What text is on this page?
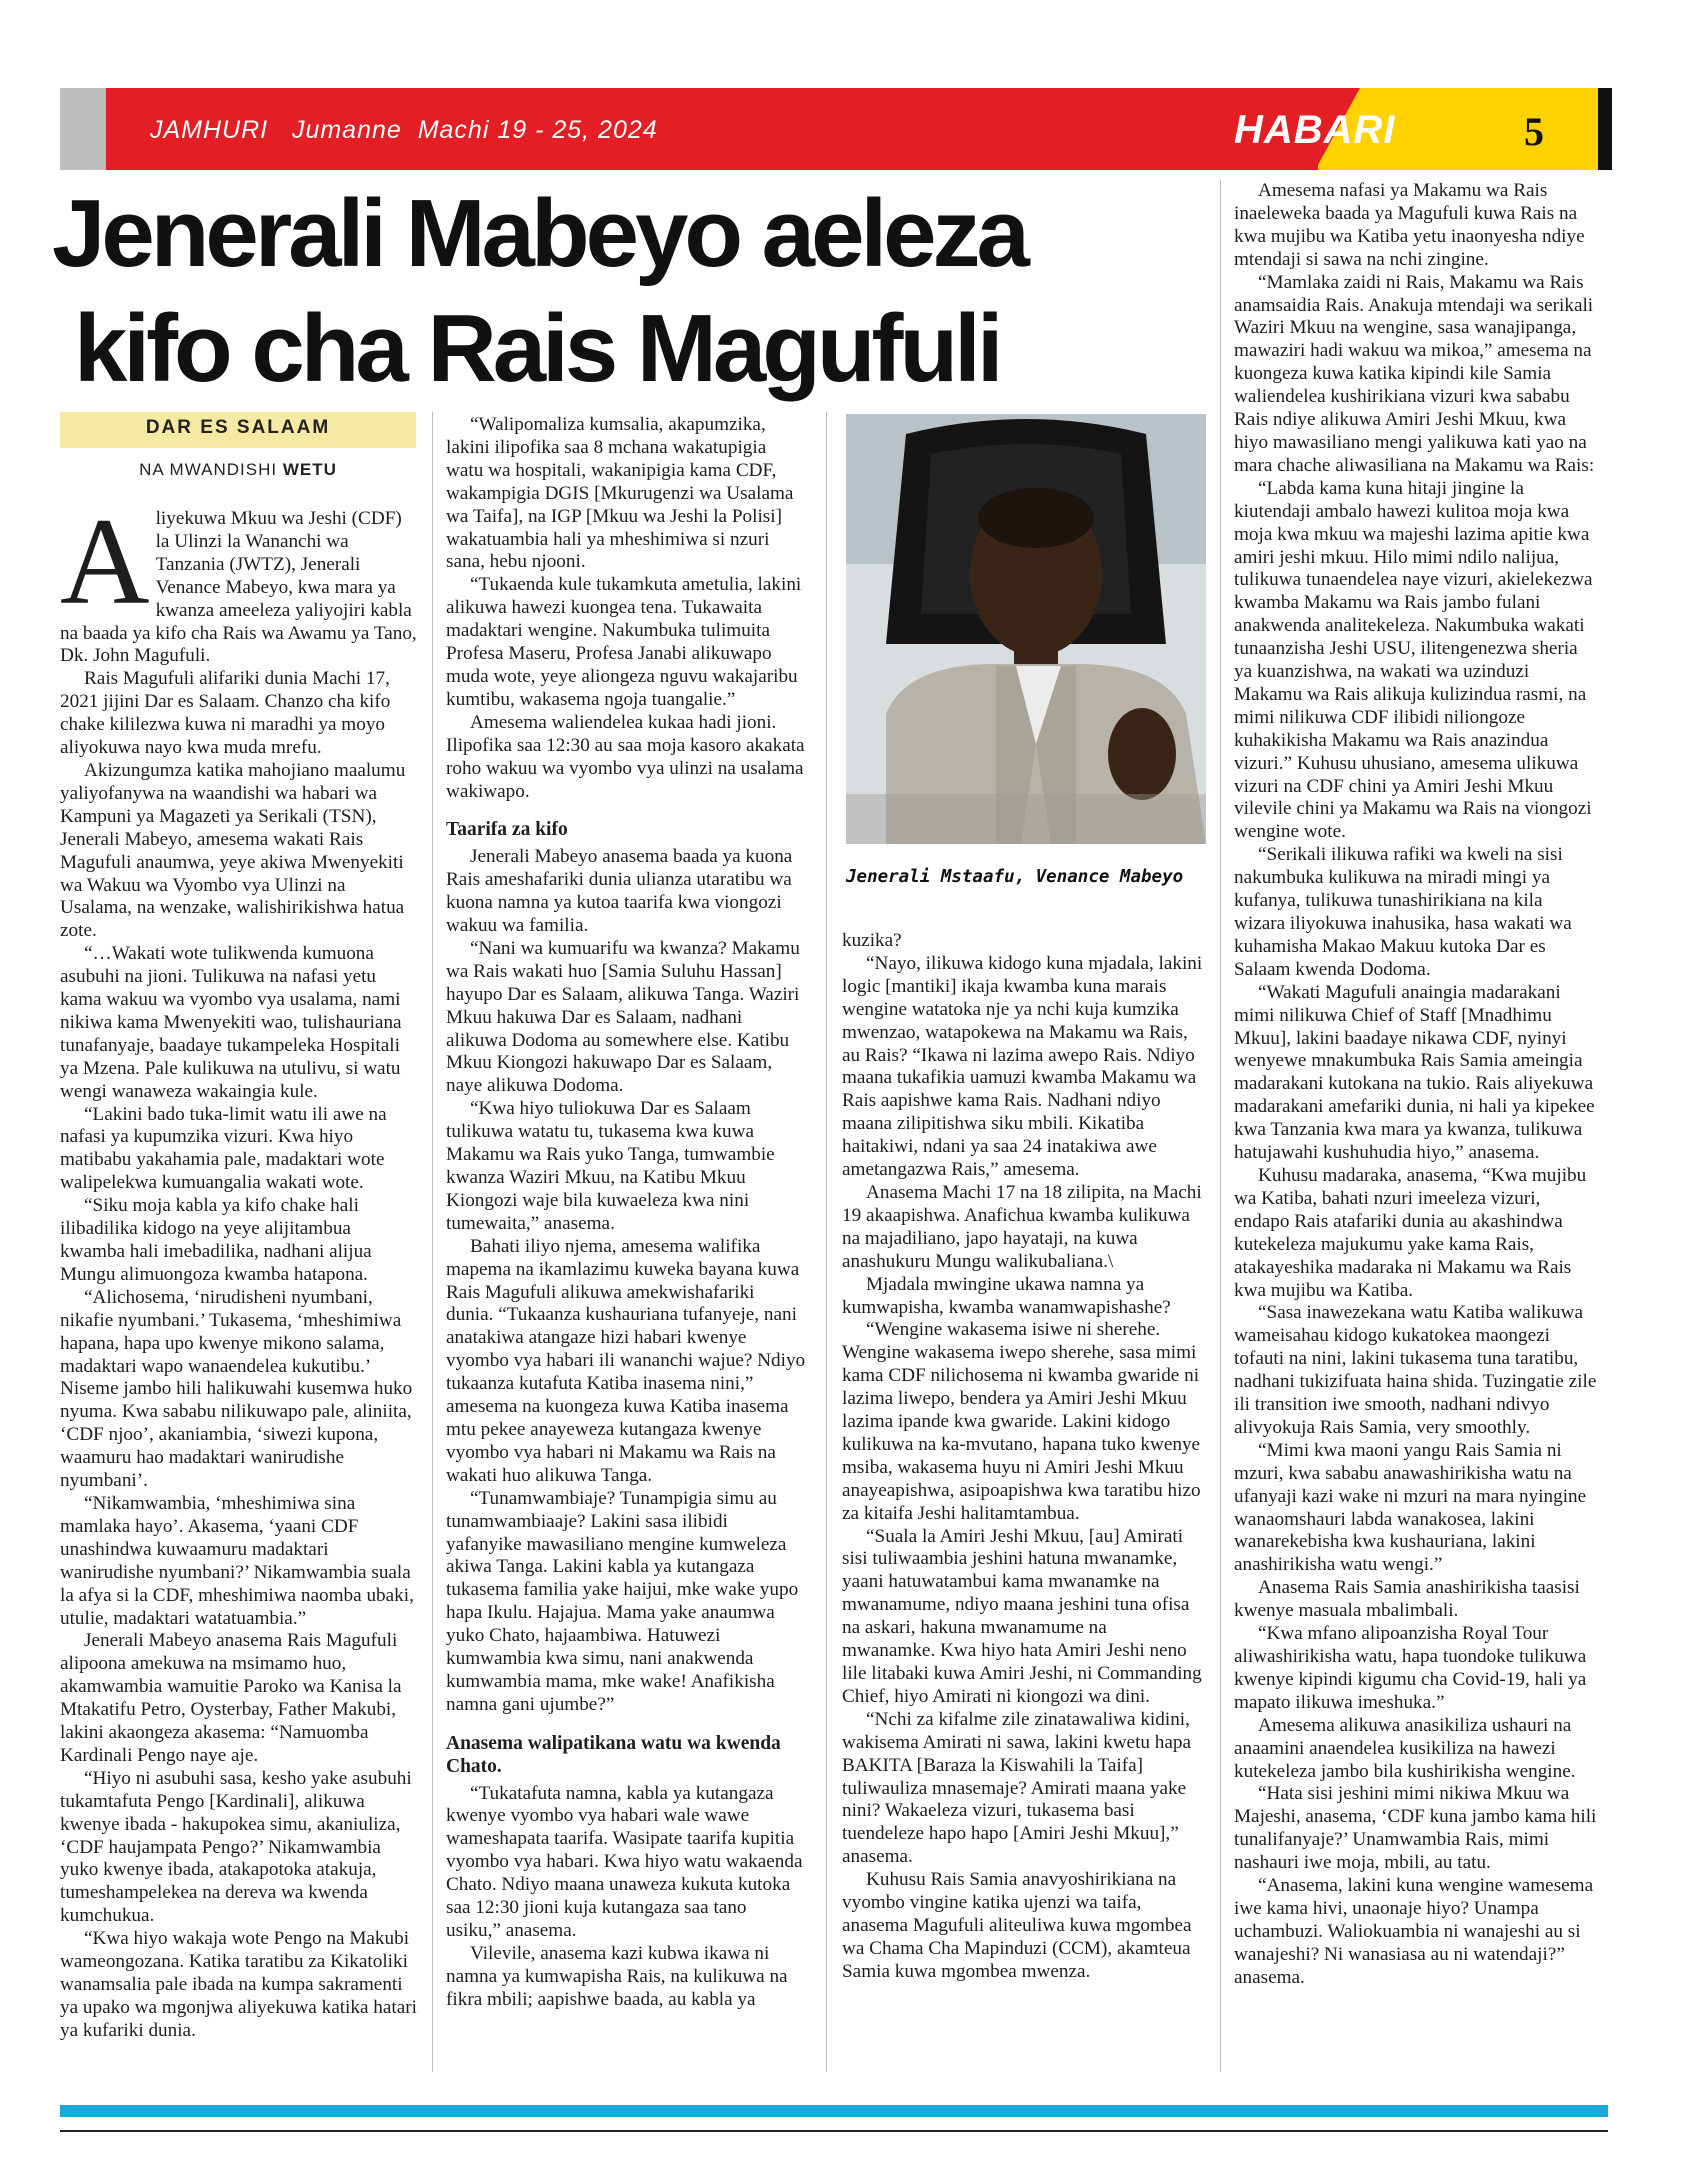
JAMHURI Jumanne  Machi 19 - 25, 2024	HABARI	5
Jenerali Mabeyo aeleza
kifo cha Rais Magufuli
DAR ES SALAAM
NA MWANDISHI WETU
A liyekuwa Mkuu wa Jeshi (CDF) la Ulinzi la Wananchi wa Tanzania (JWTZ), Jenerali Venance Mabeyo, kwa mara ya kwanza ameeleza yaliyojiri kabla na baada ya kifo cha Rais wa Awamu ya Tano, Dk. John Magufuli.

Rais Magufuli alifariki dunia Machi 17, 2021 jijini Dar es Salaam. Chanzo cha kifo chake kililezwa kuwa ni maradhi ya moyo aliyokuwa nayo kwa muda mrefu.

Akizungumza katika mahojiano maalumu yaliyofanywa na waandishi wa habari wa Kampuni ya Magazeti ya Serikali (TSN), Jenerali Mabeyo, amesema wakati Rais Magufuli anaumwa, yeye akiwa Mwenyekiti wa Wakuu wa Vyombo vya Ulinzi na Usalama, na wenzake, walishirikishwa hatua zote.

“…Wakati wote tulikwenda kumuona asubuhi na jioni. Tulikuwa na nafasi yetu kama wakuu wa vyombo vya usalama, nami nikiwa kama Mwenyekiti wao, tulishauriana tunafanyaje, baadaye tukampeleka Hospitali ya Mzena. Pale kulikuwa na utulivu, si watu wengi wanaweza wakaingia kule.

“Lakini bado tuka-limit watu ili awe na nafasi ya kupumzika vizuri. Kwa hiyo matibabu yakahamia pale, madaktari wote walipelekwa kumuangalia wakati wote.

“Siku moja kabla ya kifo chake hali ilibadilika kidogo na yeye alijitambua kwamba hali imebadilika, nadhani alijua Mungu alimuongoza kwamba hatapona.

“Alichosema, ‘nirudisheni nyumbani, nikafie nyumbani.’ Tukasema, ‘mheshimiwa hapana, hapa upo kwenye mikono salama, madaktari wapo wanaendelea kukutibu.’ Niseme jambo hili halikuwahi kusemwa huko nyuma. Kwa sababu nilikuwapo pale, aliniita, ‘CDF njoo’, akaniambia, ‘siwezi kupona, waamuru hao madaktari wanirudishe nyumbani’.

“Nikamwambia, ‘mheshimiwa sina mamlaka hayo’. Akasema, ‘yaani CDF unashindwa kuwaamuru madaktari wanirudishe nyumbani?’ Nikamwambia suala la afya si la CDF, mheshimiwa naomba ubaki, utulie, madaktari watatuambia.”

Jenerali Mabeyo anasema Rais Magufuli alipoona amekuwa na msimamo huo, akamwambia wamuitie Paroko wa Kanisa la Mtakatifu Petro, Oysterbay, Father Makubi, lakini akaongeza akasema: “Namuomba Kardinali Pengo naye aje.

“Hiyo ni asubuhi sasa, kesho yake asubuhi tukamtafuta Pengo [Kardinali], alikuwa kwenye ibada - hakupokea simu, akaniuliza, ‘CDF haujampata Pengo?’ Nikamwambia yuko kwenye ibada, atakapotoka atakuja, tumeshampelekea na dereva wa kwenda kumchukua.

“Kwa hiyo wakaja wote Pengo na Makubi wameongozana. Katika taratibu za Kikatoliki wanamsalia pale ibada na kumpa sakramenti ya upako wa mgonjwa aliyekuwa katika hatari ya kufariki dunia.

“Walipomaliza kumsalia, akapumzika, lakini ilipofika saa 8 mchana wakatupigia watu wa hospitali, wakanipigia kama CDF, wakampigia DGIS [Mkurugenzi wa Usalama wa Taifa], na IGP [Mkuu wa Jeshi la Polisi] wakatuambia hali ya mheshimiwa si nzuri sana, hebu njooni.

“Tukaenda kule tukamkuta ametulia, lakini alikuwa hawezi kuongea tena. Tukawaita madaktari wengine. Nakumbuka tulimuita Profesa Maseru, Profesa Janabi alikuwapo muda wote, yeye aliongeza nguvu wakajaribu kumtibu, wakasema ngoja tuangalie.”

Amesema waliendelea kukaa hadi jioni. Ilipofika saa 12:30 au saa moja kasoro akakata roho wakuu wa vyombo vya ulinzi na usalama wakiwapo.

Taarifa za kifo

Jenerali Mabeyo anasema baada ya kuona Rais ameshafariki dunia ulianza utaratibu wa kuona namna ya kutoa taarifa kwa viongozi wakuu wa familia.

“Nani wa kumuarifu wa kwanza? Makamu wa Rais wakati huo [Samia Suluhu Hassan] hayupo Dar es Salaam, alikuwa Tanga. Waziri Mkuu hakuwa Dar es Salaam, nadhani alikuwa Dodoma au somewhere else. Katibu Mkuu Kiongozi hakuwapo Dar es Salaam, naye alikuwa Dodoma.

“Kwa hiyo tuliokuwa Dar es Salaam tulikuwa watatu tu, tukasema kwa kuwa Makamu wa Rais yuko Tanga, tumwambie kwanza Waziri Mkuu, na Katibu Mkuu Kiongozi waje bila kuwaeleza kwa nini tumewaita,” anasema.

Bahati iliyo njema, amesema walifika mapema na ikamlazimu kuweka bayana kuwa Rais Magufuli alikuwa amekwishafariki dunia. “Tukaanza kushauriana tufanyeje, nani anatakiwa atangaze hizi habari kwenye vyombo vya habari ili wananchi wajue? Ndiyo tukaanza kutafuta Katiba inasema nini,” amesema na kuongeza kuwa Katiba inasema mtu pekee anayeweza kutangaza kwenye vyombo vya habari ni Makamu wa Rais na wakati huo alikuwa Tanga.

“Tunamwambiaje? Tunampigia simu au tunamwambiaaje? Lakini sasa ilibidi yafanyike mawasiliano mengine kumweleza akiwa Tanga. Lakini kabla ya kutangaza tukasema familia yake haijui, mke wake yupo hapa Ikulu. Hajajua. Mama yake anaumwa yuko Chato, hajaambiwa. Hatuwezi kumwambia kwa simu, nani anakwenda kumwambia mama, mke wake! Anafikisha namna gani ujumbe?”

Anasema walipatikana watu wa kwenda Chato.

“Tukatafuta namna, kabla ya kutangaza kwenye vyombo vya habari wale wawe wameshapata taarifa. Wasipate taarifa kupitia vyombo vya habari. Kwa hiyo watu wakaenda Chato. Ndiyo maana unaweza kukuta kutoka saa 12:30 jioni kuja kutangaza saa tano usiku,” anasema.

Vilevile, anasema kazi kubwa ikawa ni namna ya kumwapisha Rais, na kulikuwa na fikra mbili; aapishwe baada, au kabla ya

Jenerali Mstaafu, Venance Mabeyo

kuzika?

“Nayo, ilikuwa kidogo kuna mjadala, lakini logic [mantiki] ikaja kwamba kuna marais wengine watatoka nje ya nchi kuja kumzika mwenzao, watapokewa na Makamu wa Rais, au Rais? “Ikawa ni lazima awepo Rais. Ndiyo maana tukafikia uamuzi kwamba Makamu wa Rais aapishwe kama Rais. Nadhani ndiyo maana zilipitishwa siku mbili. Kikatiba haitakiwi, ndani ya saa 24 inatakiwa awe ametangazwa Rais,” amesema.

Anasema Machi 17 na 18 zilipita, na Machi 19 akaapishwa. Anafichua kwamba kulikuwa na majadiliano, japo hayataji, na kuwa anashukuru Mungu walikubaliana.\

Mjadala mwingine ukawa namna ya kumwapisha, kwamba wanamwapishashe?

“Wengine wakasema isiwe ni sherehe. Wengine wakasema iwepo sherehe, sasa mimi kama CDF nilichosema ni kwamba gwaride ni lazima liwepo, bendera ya Amiri Jeshi Mkuu lazima ipande kwa gwaride. Lakini kidogo kulikuwa na ka-mvutano, hapana tuko kwenye msiba, wakasema huyu ni Amiri Jeshi Mkuu anayeapishwa, asipoapishwa kwa taratibu hizo za kitaifa Jeshi halitamtambua.

“Suala la Amiri Jeshi Mkuu, [au] Amirati sisi tuliwaambia jeshini hatuna mwanamke, yaani hatuwatambui kama mwanamke na mwanamume, ndiyo maana jeshini tuna ofisa na askari, hakuna mwanamume na mwanamke. Kwa hiyo hata Amiri Jeshi neno lile litabaki kuwa Amiri Jeshi, ni Commanding Chief, hiyo Amirati ni kiongozi wa dini.

“Nchi za kifalme zile zinatawaliwa kidini, wakisema Amirati ni sawa, lakini kwetu hapa BAKITA [Baraza la Kiswahili la Taifa] tuliwauliza mnasemaje? Amirati maana yake nini? Wakaeleza vizuri, tukasema basi tuendeleze hapo hapo [Amiri Jeshi Mkuu],” anasema.

Kuhusu Rais Samia anavyoshirikiana na vyombo vingine katika ujenzi wa taifa, anasema Magufuli aliteuliwa kuwa mgombea wa Chama Cha Mapinduzi (CCM), akamteua Samia kuwa mgombea mwenza.

Amesema nafasi ya Makamu wa Rais inaeleweka baada ya Magufuli kuwa Rais na kwa mujibu wa Katiba yetu inaonyesha ndiye mtendaji si sawa na nchi zingine.

“Mamlaka zaidi ni Rais, Makamu wa Rais anamsaidia Rais. Anakuja mtendaji wa serikali Waziri Mkuu na wengine, sasa wanajipanga, mawaziri hadi wakuu wa mikoa,” amesema na kuongeza kuwa katika kipindi kile Samia waliendelea kushirikiana vizuri kwa sababu Rais ndiye alikuwa Amiri Jeshi Mkuu, kwa hiyo mawasiliano mengi yalikuwa kati yao na mara chache aliwasiliana na Makamu wa Rais:

“Labda kama kuna hitaji jingine la kiutendaji ambalo hawezi kulitoa moja kwa moja kwa mkuu wa majeshi lazima apitie kwa amiri jeshi mkuu. Hilo mimi ndilo nalijua, tulikuwa tunaendelea naye vizuri, akielekezwa kwamba Makamu wa Rais jambo fulani anakwenda analitekeleza. Nakumbuka wakati tunaanzisha Jeshi USU, ilitengenezwa sheria ya kuanzishwa, na wakati wa uzinduzi Makamu wa Rais alikuja kulizindua rasmi, na mimi nilikuwa CDF ilibidi niliongoze kuhakikisha Makamu wa Rais anazindua vizuri.” Kuhusu uhusiano, amesema ulikuwa vizuri na CDF chini ya Amiri Jeshi Mkuu vilevile chini ya Makamu wa Rais na viongozi wengine wote.

“Serikali ilikuwa rafiki wa kweli na sisi nakumbuka kulikuwa na miradi mingi ya kufanya, tulikuwa tunashirikiana na kila wizara iliyokuwa inahusika, hasa wakati wa kuhamisha Makao Makuu kutoka Dar es Salaam kwenda Dodoma.

“Wakati Magufuli anaingia madarakani mimi nilikuwa Chief of Staff [Mnadhimu Mkuu], lakini baadaye nikawa CDF, nyinyi wenyewe mnakumbuka Rais Samia ameingia madarakani kutokana na tukio. Rais aliyekuwa madarakani amefariki dunia, ni hali ya kipekee kwa Tanzania kwa mara ya kwanza, tulikuwa hatujawahi kushuhudia hiyo,” anasema.

Kuhusu madaraka, anasema, “Kwa mujibu wa Katiba, bahati nzuri imeeleza vizuri, endapo Rais atafariki dunia au akashindwa kutekeleza majukumu yake kama Rais, atakayeshika madaraka ni Makamu wa Rais kwa mujibu wa Katiba.

“Sasa inawezekana watu Katiba walikuwa wameisahau kidogo kukatokea maongezi tofauti na nini, lakini tukasema tuna taratibu, nadhani tukizifuata haina shida. Tuzingatie zile ili transition iwe smooth, nadhani ndivyo alivyokuja Rais Samia, very smoothly.

“Mimi kwa maoni yangu Rais Samia ni mzuri, kwa sababu anawashirikisha watu na ufanyaji kazi wake ni mzuri na mara nyingine wanaomshauri labda wanakosea, lakini wanarekebisha kwa kushauriana, lakini anashirikisha watu wengi.”

Anasema Rais Samia anashirikisha taasisi kwenye masuala mbalimbali.

“Kwa mfano alipoanzisha Royal Tour aliwashirikisha watu, hapa tuondoke tulikuwa kwenye kipindi kigumu cha Covid-19, hali ya mapato ilikuwa imeshuka.”

Amesema alikuwa anasikiliza ushauri na anaamini anaendelea kusikiliza na hawezi kutekeleza jambo bila kushirikisha wengine.

“Hata sisi jeshini mimi nikiwa Mkuu wa Majeshi, anasema, ‘CDF kuna jambo kama hili tunalifanyaje?’ Unamwambia Rais, mimi nashauri iwe moja, mbili, au tatu.

“Anasema, lakini kuna wengine wamesema iwe kama hivi, unaonaje hiyo? Unampa uchambuzi. Waliokuambia ni wanajeshi au si wanajeshi? Ni wanasiasa au ni watendaji?” anasema.
